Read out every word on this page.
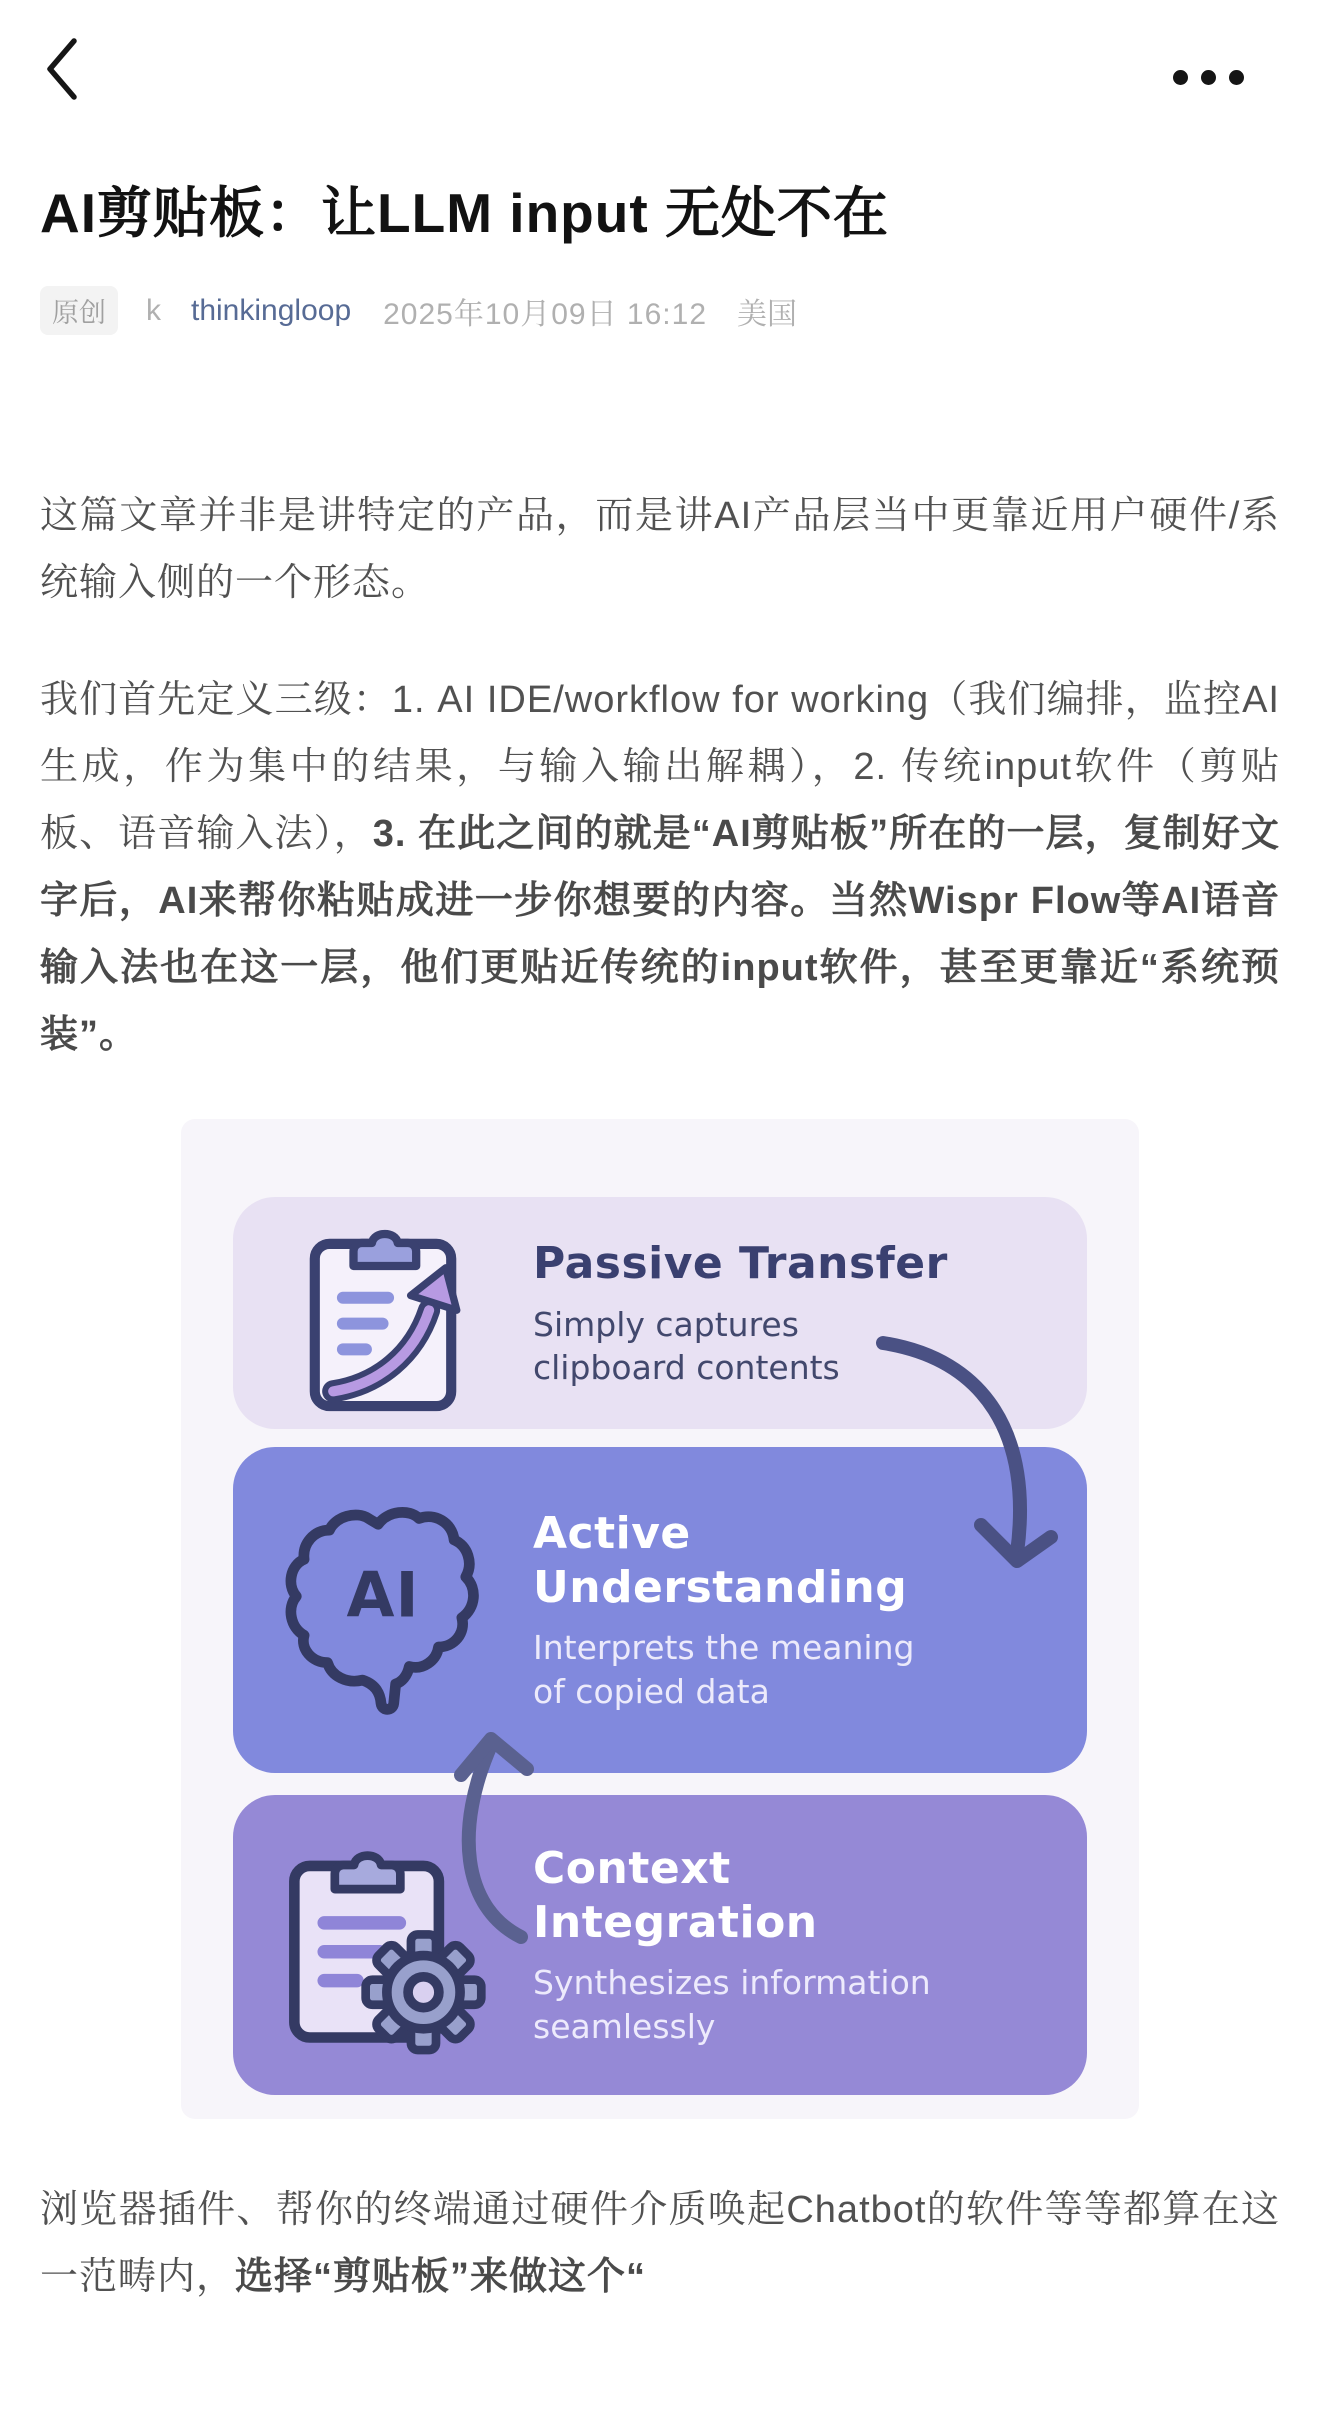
AI剪贴板：让LLM input 无处不在
原创	k thinkingloop 2025年10月09日 16:12 美国

这篇文章并非是讲特定的产品，而是讲AI产品层当中更靠近用户硬件/系统输入侧的一个形态。

我们首先定义三级：1. AI IDE/workflow for working（我们编排，监控AI生成，作为集中的结果，与输入输出解耦），2. 传统input软件（剪贴板、语音输入法），3. 在此之间的就是“AI剪贴板”所在的一层，复制好文字后，AI来帮你粘贴成进一步你想要的内容。当然Wispr Flow等AI语音输入法也在这一层，他们更贴近传统的input软件，甚至更靠近“系统预装”。

Passive Transfer
Simply captures clipboard contents
AI
Active Understanding
Interprets the meaning of copied data
Context Integration
Synthesizes information seamlessly

浏览器插件、帮你的终端通过硬件介质唤起Chatbot的软件等等都算在这一范畴内，选择“剪贴板”来做这个“
